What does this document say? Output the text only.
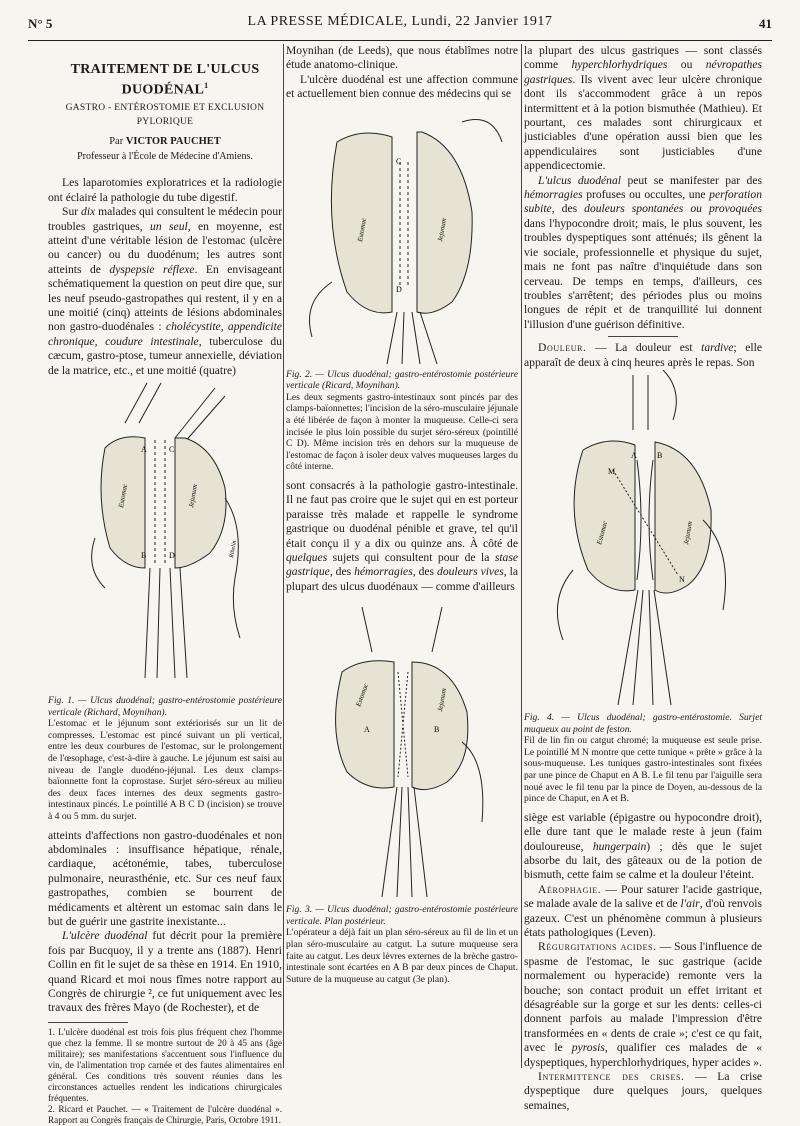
N° 5	LA PRESSE MÉDICALE, Lundi, 22 Janvier 1917	41
TRAITEMENT DE L'ULCUS DUODÉNAL$^1$
GASTRO - ENTÉROSTOMIE ET EXCLUSION PYLORIQUE
Par VICTOR PAUCHET
Professeur à l'École de Médecine d'Amiens.

Les laparotomies exploratrices et la radiologie ont éclairé la pathologie du tube digestif.

Sur dix malades qui consultent le médecin pour troubles gastriques, un seul, en moyenne, est atteint d'une véritable lésion de l'estomac (ulcère ou cancer) ou du duodénum; les autres sont atteints de dyspepsie réflexe. En envisageant schématiquement la question on peut dire que, sur les neuf pseudo-gastropathes qui restent, il y en a une moitié (cinq) atteints de lésions abdominales non gastro-duodénales : cholécystite, appendicite chronique, coudure intestinale, tuberculose du cæcum, gastro-ptose, tumeur annexielle, déviation de la matrice, etc., et une moitié (quatre)

A
B
C
D
Estomac	Jejunum
Ribelin

Fig. 1. — Ulcus duodénal; gastro-entérostomie postérieure verticale (Richard, Moynihan).

L'estomac et le jéjunum sont extériorisés sur un lit de compresses. L'estomac est pincé suivant un pli vertical, entre les deux courbures de l'estomac, sur le prolongement de l'œsophage, c'est-à-dire à gauche. Le jéjunum est saisi au niveau de l'angle duodéno-jéjunal. Les deux clamps-baïonnette font la coprostase. Surjet séro-séreux au milieu des deux faces internes des deux segments gastro-intestinaux pincés. Le pointillé A B C D (incision) se trouve à 4 ou 5 mm. du surjet.

atteints d'affections non gastro-duodénales et non abdominales : insuffisance hépatique, rénale, cardiaque, acétonémie, tabes, tuberculose pulmonaire, neurasthénie, etc. Sur ces neuf faux gastropathes, combien se bourrent de médicaments et altèrent un estomac sain dans le but de guérir une gastrite inexistante...

L'ulcère duodénal fut décrit pour la première fois par Bucquoy, il y a trente ans (1887). Henri Collin en fit le sujet de sa thèse en 1914. En 1910, quand Ricard et moi nous fîmes notre rapport au Congrès de chirurgie ², ce fut uniquement avec les travaux des frères Mayo (de Rochester), et de

1. L'ulcère duodénal est trois fois plus fréquent chez l'homme que chez la femme. Il se montre surtout de 20 à 45 ans (âge militaire); ses manifestations s'accentuent sous l'influence du vin, de l'alimentation trop carnée et des fautes alimentaires en général. Ces conditions très souvent réunies dans les circonstances actuelles rendent les indications chirurgicales fréquentes.
2. Ricard et Pauchet. — « Traitement de l'ulcère duodénal ». Rapport au Congrès français de Chirurgie, Paris, Octobre 1911.

Moynihan (de Leeds), que nous établîmes notre étude anatomo-clinique.

L'ulcère duodénal est une affection commune et actuellement bien connue des médecins qui se

C
D
Estomac	Jejunum

Fig. 2. — Ulcus duodénal; gastro-entérostomie postérieure verticale (Ricard, Moynihan).

Les deux segments gastro-intestinaux sont pincés par des clamps-baïonnettes; l'incision de la séro-musculaire jéjunale a été libérée de façon à monter la muqueuse. Celle-ci sera incisée le plus loin possible du surjet séro-séreux (pointillé C D). Même incision très en dehors sur la muqueuse de l'estomac de façon à isoler deux valves muqueuses larges du côté interne.

sont consacrés à la pathologie gastro-intestinale. Il ne faut pas croire que le sujet qui en est porteur paraisse très malade et rappelle le syndrome gastrique ou duodénal pénible et grave, tel qu'il était conçu il y a dix ou quinze ans. À côté de quelques sujets qui consultent pour de la stase gastrique, des hémorragies, des douleurs vives, la plupart des ulcus duodénaux — comme d'ailleurs

A	B
Estomac	Jejunum

Fig. 3. — Ulcus duodénal; gastro-entérostomie postérieure verticale. Plan postérieur.

L'opérateur a déjà fait un plan séro-séreux au fil de lin et un plan séro-musculaire au catgut. La suture muqueuse sera faite au catgut. Les deux lèvres externes de la brèche gastro-intestinale sont écartées en A B par deux pinces de Chaput. Suture de la muqueuse au catgut (3e plan).

la plupart des ulcus gastriques — sont classés comme hyperchlorhydriques ou névropathes gastriques. Ils vivent avec leur ulcère chronique dont ils s'accommodent grâce à un repos intermittent et à la potion bismuthée (Mathieu). Et pourtant, ces malades sont chirurgicaux et justiciables d'une opération aussi bien que les appendiculaires sont justiciables d'une appendicectomie.

L'ulcus duodénal peut se manifester par des hémorragies profuses ou occultes, une perforation subite, des douleurs spontanées ou provoquées dans l'hypocondre droit; mais, le plus souvent, les troubles dyspeptiques sont atténués; ils gênent la vie sociale, professionnelle et physique du sujet, mais ne font pas naître d'inquiétude dans son cerveau. De temps en temps, d'ailleurs, ces troubles s'arrêtent; des périodes plus ou moins longues de répit et de tranquillité lui donnent l'illusion d'une guérison définitive.

Douleur. — La douleur est tardive; elle apparaît de deux à cinq heures après le repas. Son

A	B
M
N
Estomac	Jejunum

Fig. 4. — Ulcus duodénal; gastro-entérostomie. Surjet muqueux au point de feston.

Fil de lin fin ou catgut chromé; la muqueuse est seule prise. Le pointillé M N montre que cette tunique « prête » grâce à la sous-muqueuse. Les tuniques gastro-intestinales sont fixées par une pince de Chaput en A B. Le fil tenu par l'aiguille sera noué avec le fil tenu par la pince de Doyen, au-dessous de la pince de Chaput, en A et B.

siège est variable (épigastre ou hypocondre droit), elle dure tant que le malade reste à jeun (faim douloureuse, hungerpain) ; dès que le sujet absorbe du lait, des gâteaux ou de la potion de bismuth, cette faim se calme et la douleur l'éteint.

Aérophagie. — Pour saturer l'acide gastrique, se malade avale de la salive et de l'air, d'où renvois gazeux. C'est un phénomène commun à plusieurs états pathologiques (Leven).

Régurgitations acides. — Sous l'influence de spasme de l'estomac, le suc gastrique (acide normalement ou hyperacide) remonte vers la bouche; son contact produit un effet irritant et désagréable sur la gorge et sur les dents: celles-ci donnent parfois au malade l'impression d'être transformées en « dents de craie »; c'est ce qu fait, avec le pyrosis, qualifier ces malades de « dyspeptiques, hyperchlorhydriques, hyper acides ».

Intermittence des crises. — La crise dyspeptique dure quelques jours, quelques semaines,
